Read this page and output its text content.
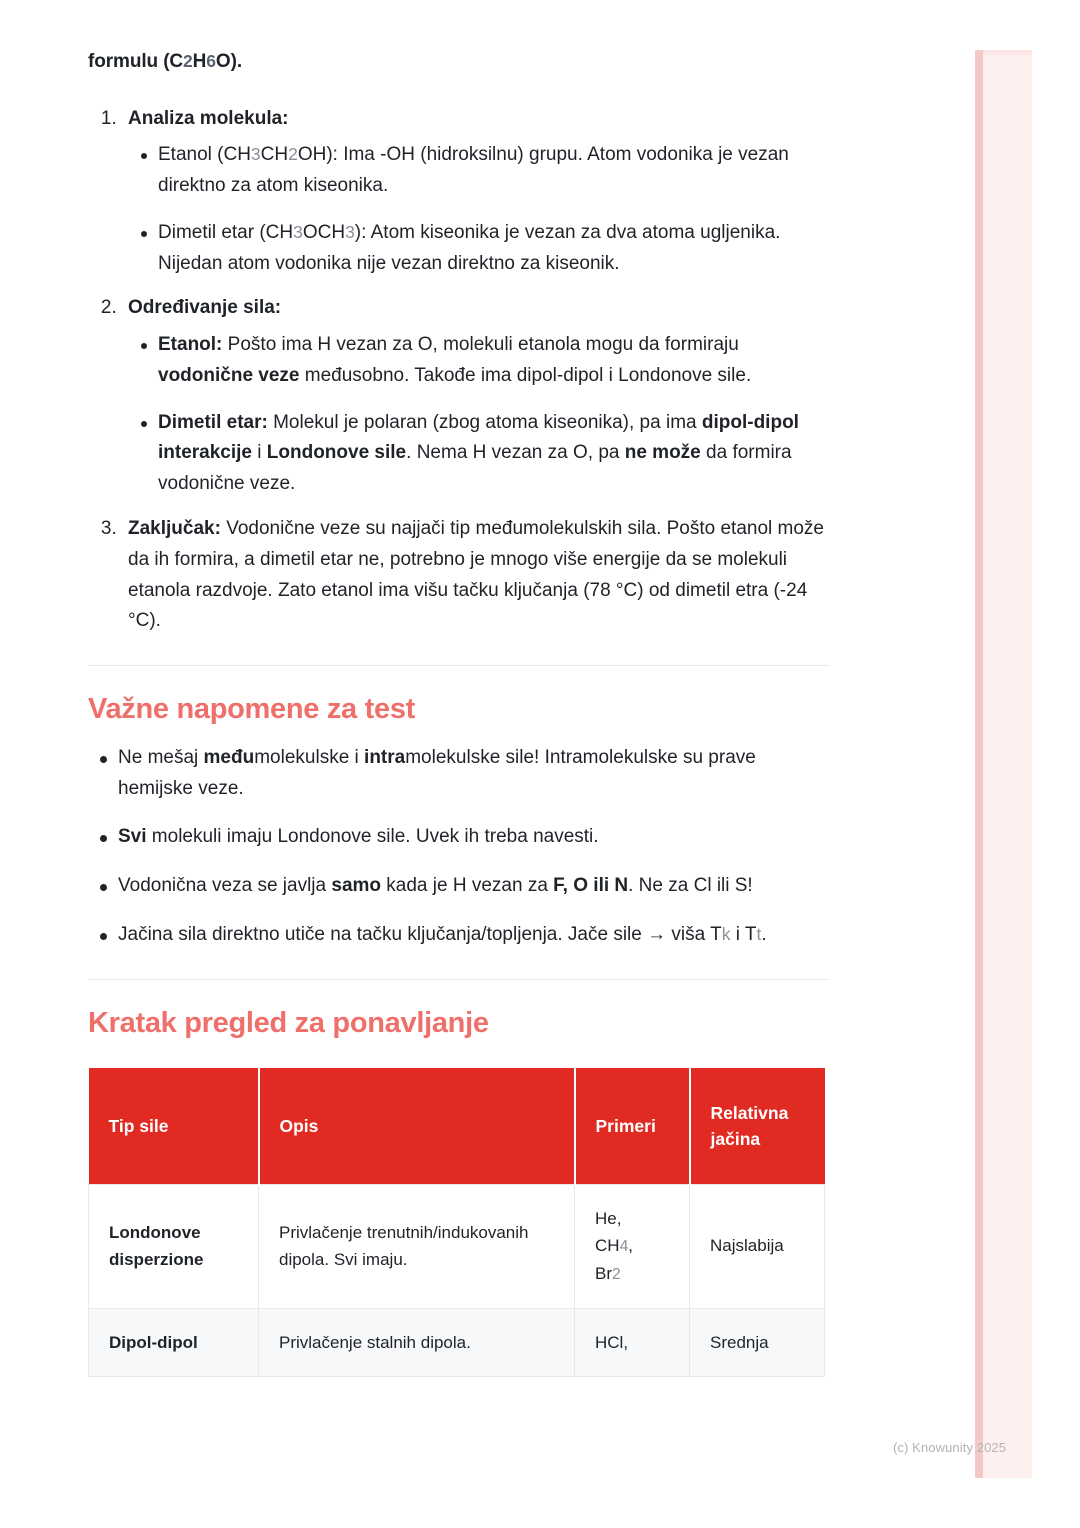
(c) Knowunity 2025

formulu (C2H6O).

1. Analiza molekula:
Etanol (CH3CH2OH): Ima -OH (hidroksilnu) grupu. Atom vodonika je vezan direktno za atom kiseonika.
Dimetil etar (CH3OCH3): Atom kiseonika je vezan za dva atoma ugljenika. Nijedan atom vodonika nije vezan direktno za kiseonik.
2. Određivanje sila:
Etanol: Pošto ima H vezan za O, molekuli etanola mogu da formiraju vodonične veze međusobno. Takođe ima dipol-dipol i Londonove sile.
Dimetil etar: Molekul je polaran (zbog atoma kiseonika), pa ima dipol-dipol interakcije i Londonove sile. Nema H vezan za O, pa ne može da formira vodonične veze.
3. Zaključak: Vodonične veze su najjači tip međumolekulskih sila. Pošto etanol može da ih formira, a dimetil etar ne, potrebno je mnogo više energije da se molekuli etanola razdvoje. Zato etanol ima višu tačku ključanja (78 °C) od dimetil etra (-24 °C).
Važne napomene za test
Ne mešaj međumolekulske i intramolekulske sile! Intramolekulske su prave hemijske veze.
Svi molekuli imaju Londonove sile. Uvek ih treba navesti.
Vodonična veza se javlja samo kada je H vezan za F, O ili N. Ne za Cl ili S!
Jačina sila direktno utiče na tačku ključanja/topljenja. Jače sile → viša Tk i Tt.
Kratak pregled za ponavljanje
Tip sile	Opis	Primeri	Relativna jačina
Londonove disperzione	Privlačenje trenutnih/indukovanih dipola. Svi imaju.	He,
CH4,
Br2	Najslabija
Dipol-dipol	Privlačenje stalnih dipola.	HCl,	Srednja
